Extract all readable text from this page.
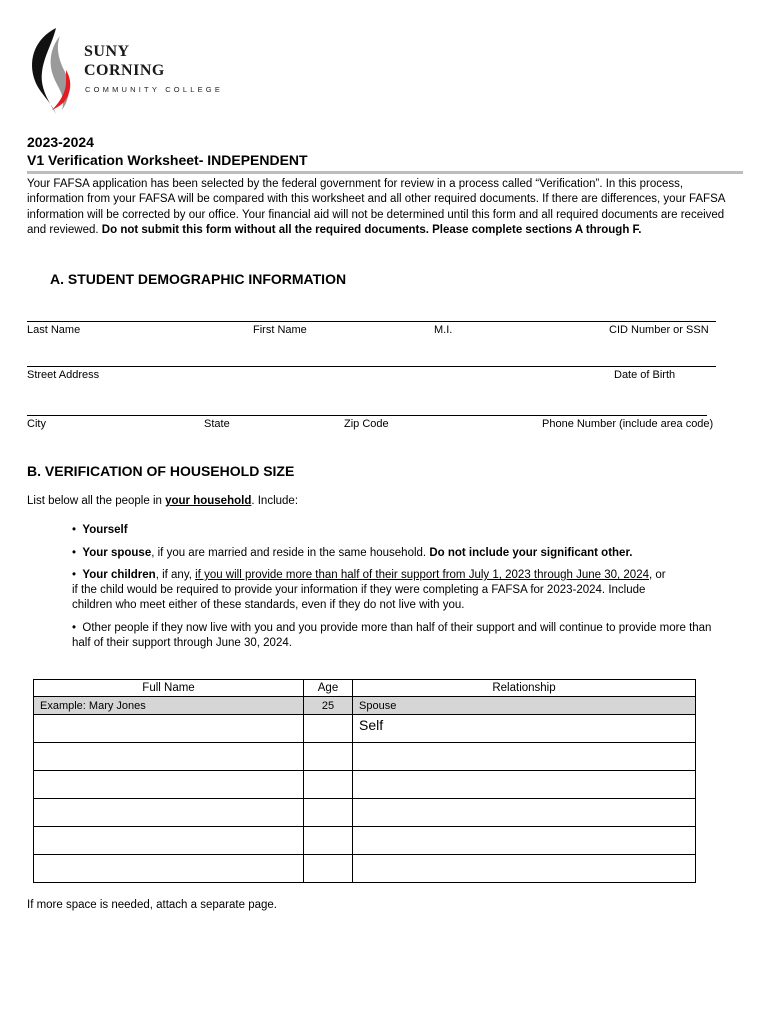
SUNY
CORNING
COMMUNITY COLLEGE
2023-2024
V1 Verification Worksheet- INDEPENDENT
Your FAFSA application has been selected by the federal government for review in a process called “Verification”. In this process, information from your FAFSA will be compared with this worksheet and all other required documents. If there are differences, your FAFSA information will be corrected by our office. Your financial aid will not be determined until this form and all required documents are received and reviewed. Do not submit this form without all the required documents. Please complete sections A through F.
A. STUDENT DEMOGRAPHIC INFORMATION
Last Name	First Name	M.I.	CID Number or SSN
Street Address	Date of Birth
City	State	Zip Code	Phone Number (include area code)
B. VERIFICATION OF HOUSEHOLD SIZE
List below all the people in your household. Include:
•  Yourself
•  Your spouse, if you are married and reside in the same household. Do not include your significant other.
•  Your children, if any, if you will provide more than half of their support from July 1, 2023 through June 30, 2024, or if the child would be required to provide your information if they were completing a FAFSA for 2023-2024. Include children who meet either of these standards, even if they do not live with you.
•  Other people if they now live with you and you provide more than half of their support and will continue to provide more than half of their support through June 30, 2024.
Full Name	Age	Relationship
Example: Mary Jones	25	Spouse
		Self

If more space is needed, attach a separate page.
